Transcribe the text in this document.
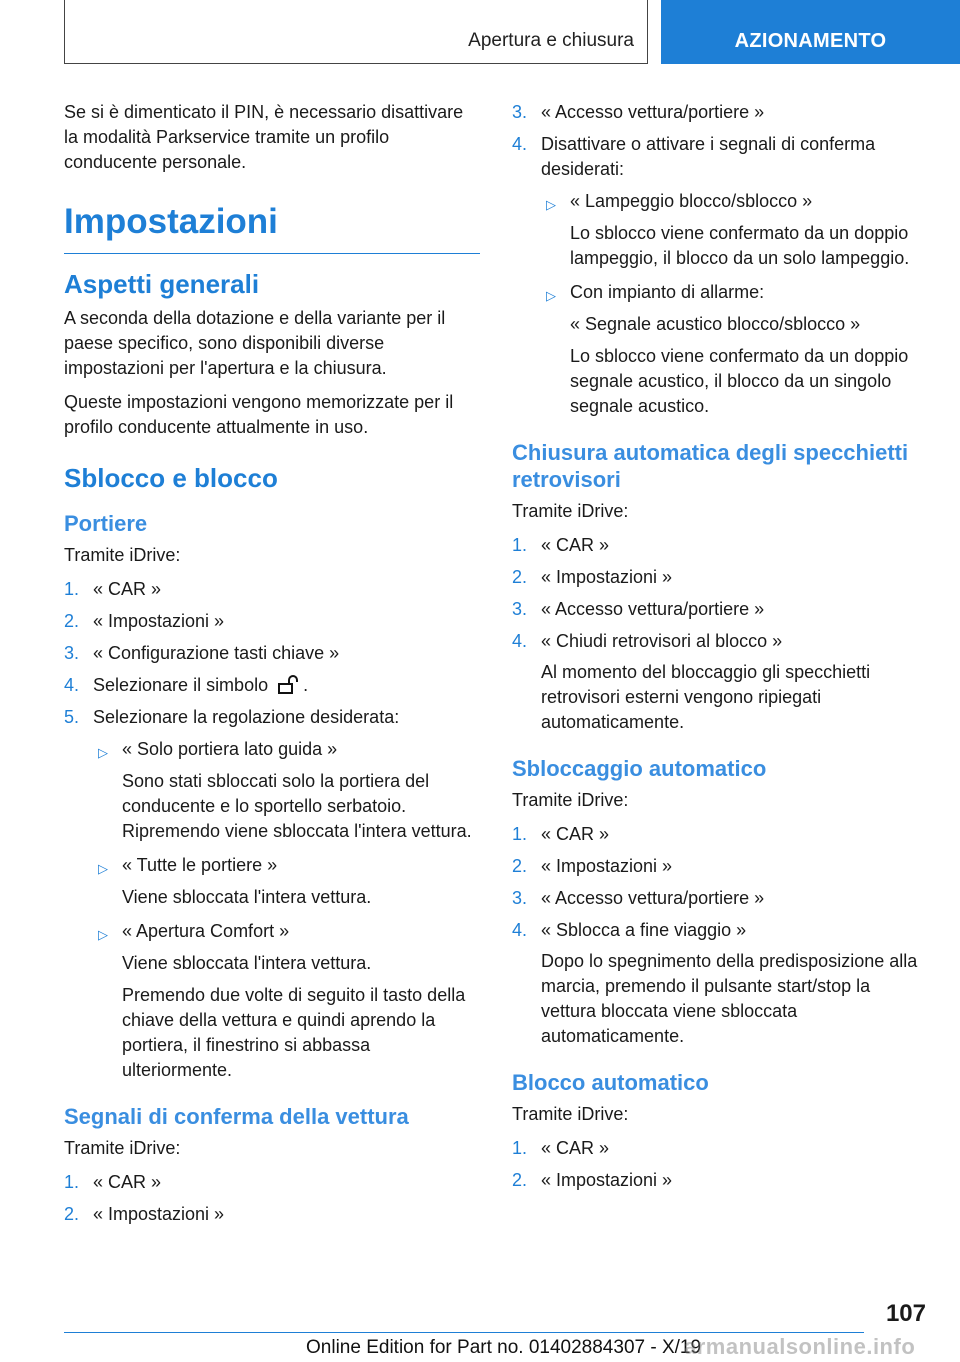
Apertura e chiusura	AZIONAMENTO

Se si è dimenticato il PIN, è necessario disattivare la modalità Parkservice tramite un profilo conducente personale.

Impostazioni
Aspetti generali

A seconda della dotazione e della variante per il paese specifico, sono disponibili diverse impostazioni per l'apertura e la chiusura.

Queste impostazioni vengono memorizzate per il profilo conducente attualmente in uso.

Sblocco e blocco
Portiere

Tramite iDrive:

1. « CAR »
2. « Impostazioni »
3. « Configurazione tasti chiave »
4. Selezionare il simbolo .
5. Selezionare la regolazione desiderata:
▷ « Solo portiera lato guida »

Sono stati sbloccati solo la portiera del conducente e lo sportello serbatoio. Ripremendo viene sbloccata l'intera vettura.

▷ « Tutte le portiere »

Viene sbloccata l'intera vettura.

▷ « Apertura Comfort »

Viene sbloccata l'intera vettura.

Premendo due volte di seguito il tasto della chiave della vettura e quindi aprendo la portiera, il finestrino si abbassa ulteriormente.

Segnali di conferma della vettura

Tramite iDrive:

1. « CAR »
2. « Impostazioni »
3. « Accesso vettura/portiere »
4. Disattivare o attivare i segnali di conferma desiderati:
▷ « Lampeggio blocco/sblocco »

Lo sblocco viene confermato da un doppio lampeggio, il blocco da un solo lampeggio.

▷ Con impianto di allarme:

« Segnale acustico blocco/sblocco »

Lo sblocco viene confermato da un doppio segnale acustico, il blocco da un singolo segnale acustico.

Chiusura automatica degli specchietti retrovisori

Tramite iDrive:

1. « CAR »
2. « Impostazioni »
3. « Accesso vettura/portiere »
4. « Chiudi retrovisori al blocco »

Al momento del bloccaggio gli specchietti retrovisori esterni vengono ripiegati automaticamente.

Sbloccaggio automatico

Tramite iDrive:

1. « CAR »
2. « Impostazioni »
3. « Accesso vettura/portiere »
4. « Sblocca a fine viaggio »

Dopo lo spegnimento della predisposizione alla marcia, premendo il pulsante start/stop la vettura bloccata viene sbloccata automaticamente.

Blocco automatico

Tramite iDrive:

1. « CAR »
2. « Impostazioni »
107
Online Edition for Part no. 01402884307 - X/19
armanualsonline.info
